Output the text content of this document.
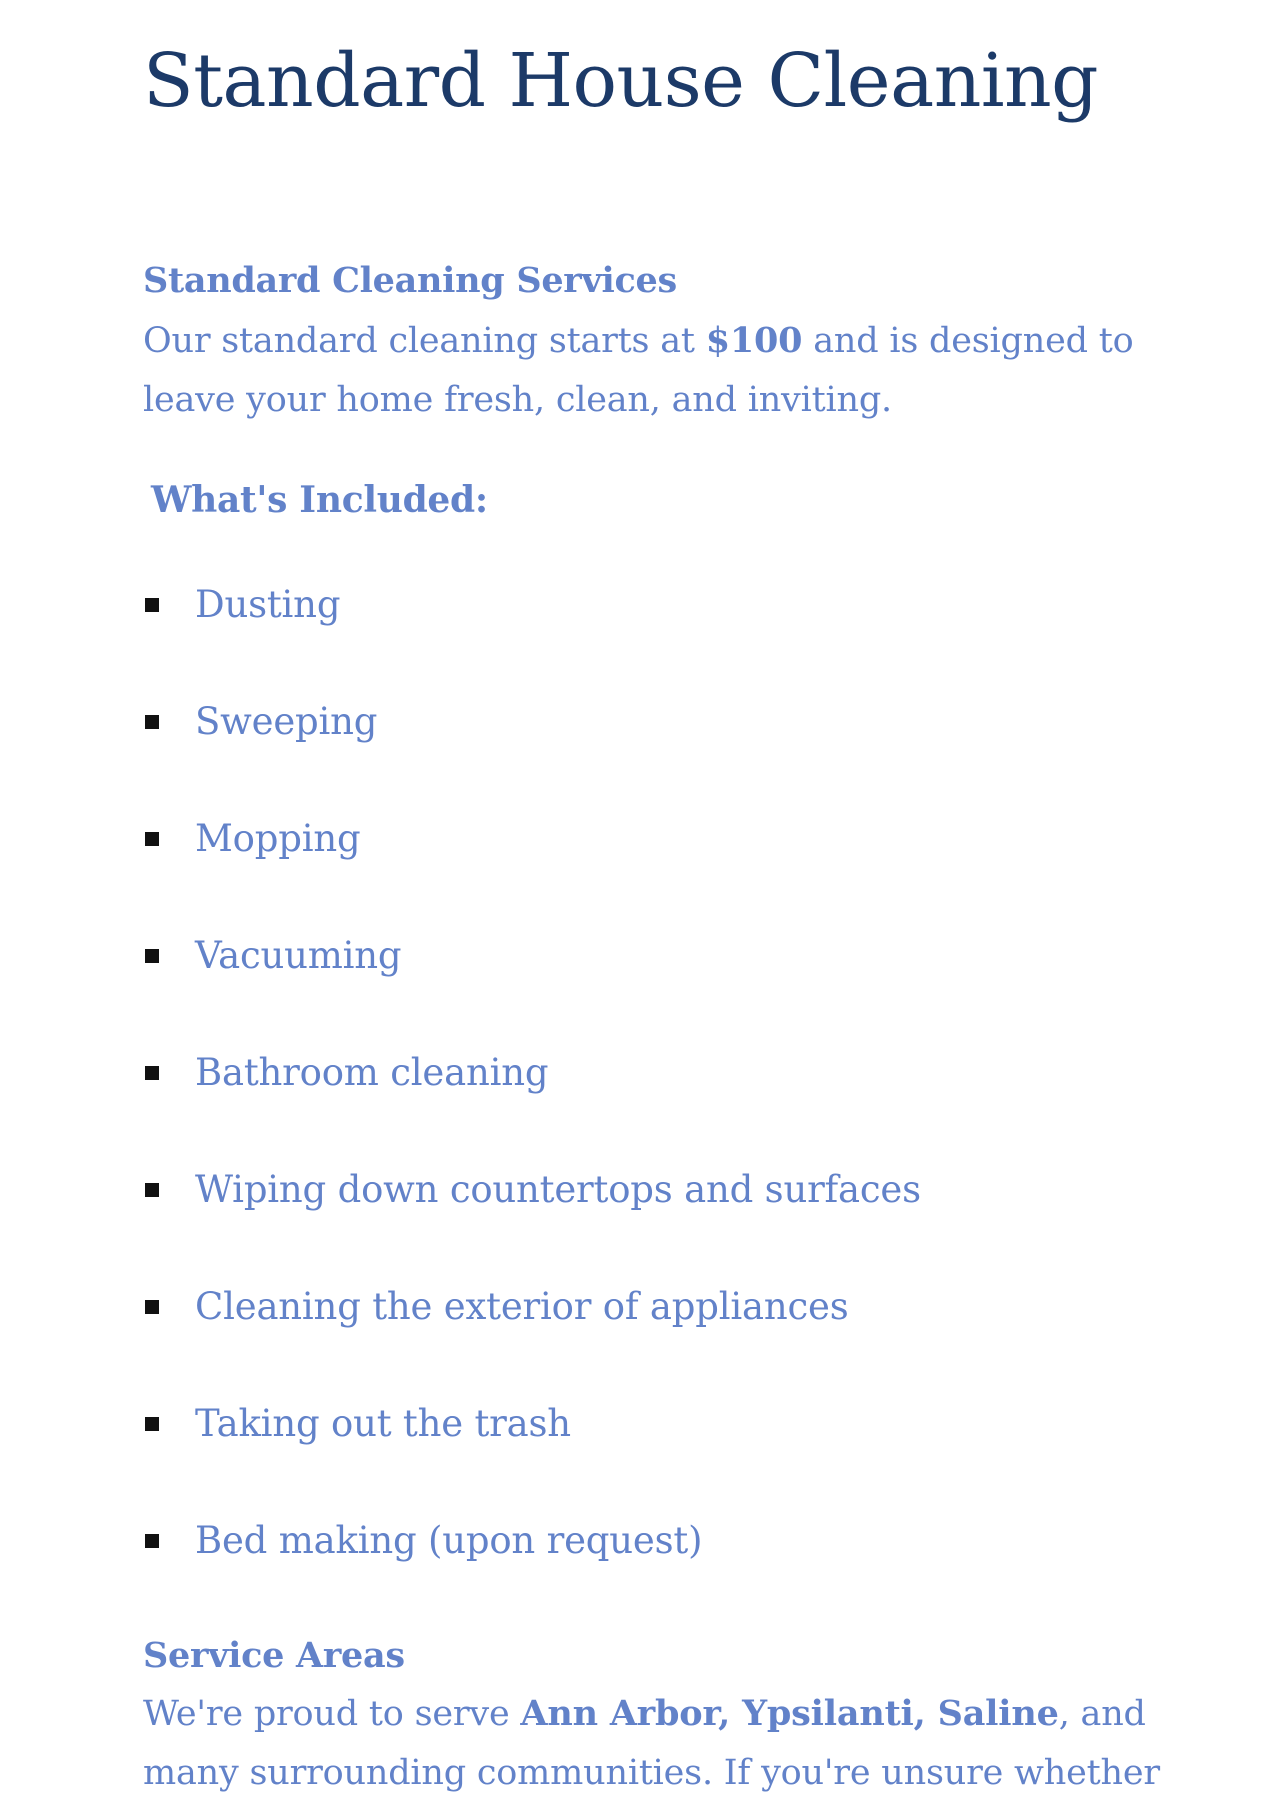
Standard House Cleaning
Standard Cleaning Services

Our standard cleaning starts at $100 and is designed to
leave your home fresh, clean, and inviting.

What's Included:
Dusting
Sweeping
Mopping
Vacuuming
Bathroom cleaning
Wiping down countertops and surfaces
Cleaning the exterior of appliances
Taking out the trash
Bed making (upon request)
Service Areas

We're proud to serve Ann Arbor, Ypsilanti, Saline, and
many surrounding communities. If you're unsure whether
